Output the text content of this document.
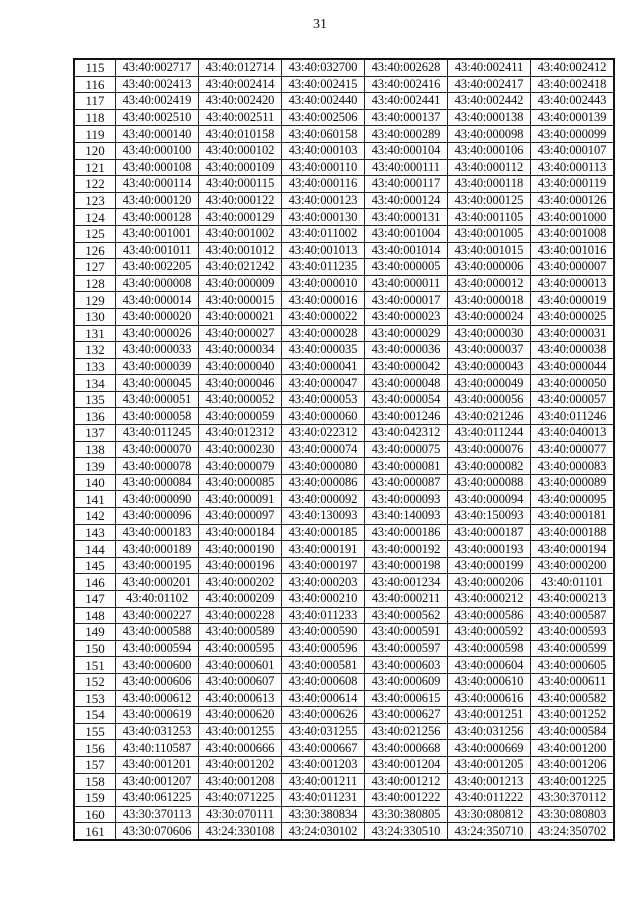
31
115	43:40:002717	43:40:012714	43:40:032700	43:40:002628	43:40:002411	43:40:002412
116	43:40:002413	43:40:002414	43:40:002415	43:40:002416	43:40:002417	43:40:002418
117	43:40:002419	43:40:002420	43:40:002440	43:40:002441	43:40:002442	43:40:002443
118	43:40:002510	43:40:002511	43:40:002506	43:40:000137	43:40:000138	43:40:000139
119	43:40:000140	43:40:010158	43:40:060158	43:40:000289	43:40:000098	43:40:000099
120	43:40:000100	43:40:000102	43:40:000103	43:40:000104	43:40:000106	43:40:000107
121	43:40:000108	43:40:000109	43:40:000110	43:40:000111	43:40:000112	43:40:000113
122	43:40:000114	43:40:000115	43:40:000116	43:40:000117	43:40:000118	43:40:000119
123	43:40:000120	43:40:000122	43:40:000123	43:40:000124	43:40:000125	43:40:000126
124	43:40:000128	43:40:000129	43:40:000130	43:40:000131	43:40:001105	43:40:001000
125	43:40:001001	43:40:001002	43:40:011002	43:40:001004	43:40:001005	43:40:001008
126	43:40:001011	43:40:001012	43:40:001013	43:40:001014	43:40:001015	43:40:001016
127	43:40:002205	43:40:021242	43:40:011235	43:40:000005	43:40:000006	43:40:000007
128	43:40:000008	43:40:000009	43:40:000010	43:40:000011	43:40:000012	43:40:000013
129	43:40:000014	43:40:000015	43:40:000016	43:40:000017	43:40:000018	43:40:000019
130	43:40:000020	43:40:000021	43:40:000022	43:40:000023	43:40:000024	43:40:000025
131	43:40:000026	43:40:000027	43:40:000028	43:40:000029	43:40:000030	43:40:000031
132	43:40:000033	43:40:000034	43:40:000035	43:40:000036	43:40:000037	43:40:000038
133	43:40:000039	43:40:000040	43:40:000041	43:40:000042	43:40:000043	43:40:000044
134	43:40:000045	43:40:000046	43:40:000047	43:40:000048	43:40:000049	43:40:000050
135	43:40:000051	43:40:000052	43:40:000053	43:40:000054	43:40:000056	43:40:000057
136	43:40:000058	43:40:000059	43:40:000060	43:40:001246	43:40:021246	43:40:011246
137	43:40:011245	43:40:012312	43:40:022312	43:40:042312	43:40:011244	43:40:040013
138	43:40:000070	43:40:000230	43:40:000074	43:40:000075	43:40:000076	43:40:000077
139	43:40:000078	43:40:000079	43:40:000080	43:40:000081	43:40:000082	43:40:000083
140	43:40:000084	43:40:000085	43:40:000086	43:40:000087	43:40:000088	43:40:000089
141	43:40:000090	43:40:000091	43:40:000092	43:40:000093	43:40:000094	43:40:000095
142	43:40:000096	43:40:000097	43:40:130093	43:40:140093	43:40:150093	43:40:000181
143	43:40:000183	43:40:000184	43:40:000185	43:40:000186	43:40:000187	43:40:000188
144	43:40:000189	43:40:000190	43:40:000191	43:40:000192	43:40:000193	43:40:000194
145	43:40:000195	43:40:000196	43:40:000197	43:40:000198	43:40:000199	43:40:000200
146	43:40:000201	43:40:000202	43:40:000203	43:40:001234	43:40:000206	43:40:01101
147	43:40:01102	43:40:000209	43:40:000210	43:40:000211	43:40:000212	43:40:000213
148	43:40:000227	43:40:000228	43:40:011233	43:40:000562	43:40:000586	43:40:000587
149	43:40:000588	43:40:000589	43:40:000590	43:40:000591	43:40:000592	43:40:000593
150	43:40:000594	43:40:000595	43:40:000596	43:40:000597	43:40:000598	43:40:000599
151	43:40:000600	43:40:000601	43:40:000581	43:40:000603	43:40:000604	43:40:000605
152	43:40:000606	43:40:000607	43:40:000608	43:40:000609	43:40:000610	43:40:000611
153	43:40:000612	43:40:000613	43:40:000614	43:40:000615	43:40:000616	43:40:000582
154	43:40:000619	43:40:000620	43:40:000626	43:40:000627	43:40:001251	43:40:001252
155	43:40:031253	43:40:001255	43:40:031255	43:40:021256	43:40:031256	43:40:000584
156	43:40:110587	43:40:000666	43:40:000667	43:40:000668	43:40:000669	43:40:001200
157	43:40:001201	43:40:001202	43:40:001203	43:40:001204	43:40:001205	43:40:001206
158	43:40:001207	43:40:001208	43:40:001211	43:40:001212	43:40:001213	43:40:001225
159	43:40:061225	43:40:071225	43:40:011231	43:40:001222	43:40:011222	43:30:370112
160	43:30:370113	43:30:070111	43:30:380834	43:30:380805	43:30:080812	43:30:080803
161	43:30:070606	43:24:330108	43:24:030102	43:24:330510	43:24:350710	43:24:350702
